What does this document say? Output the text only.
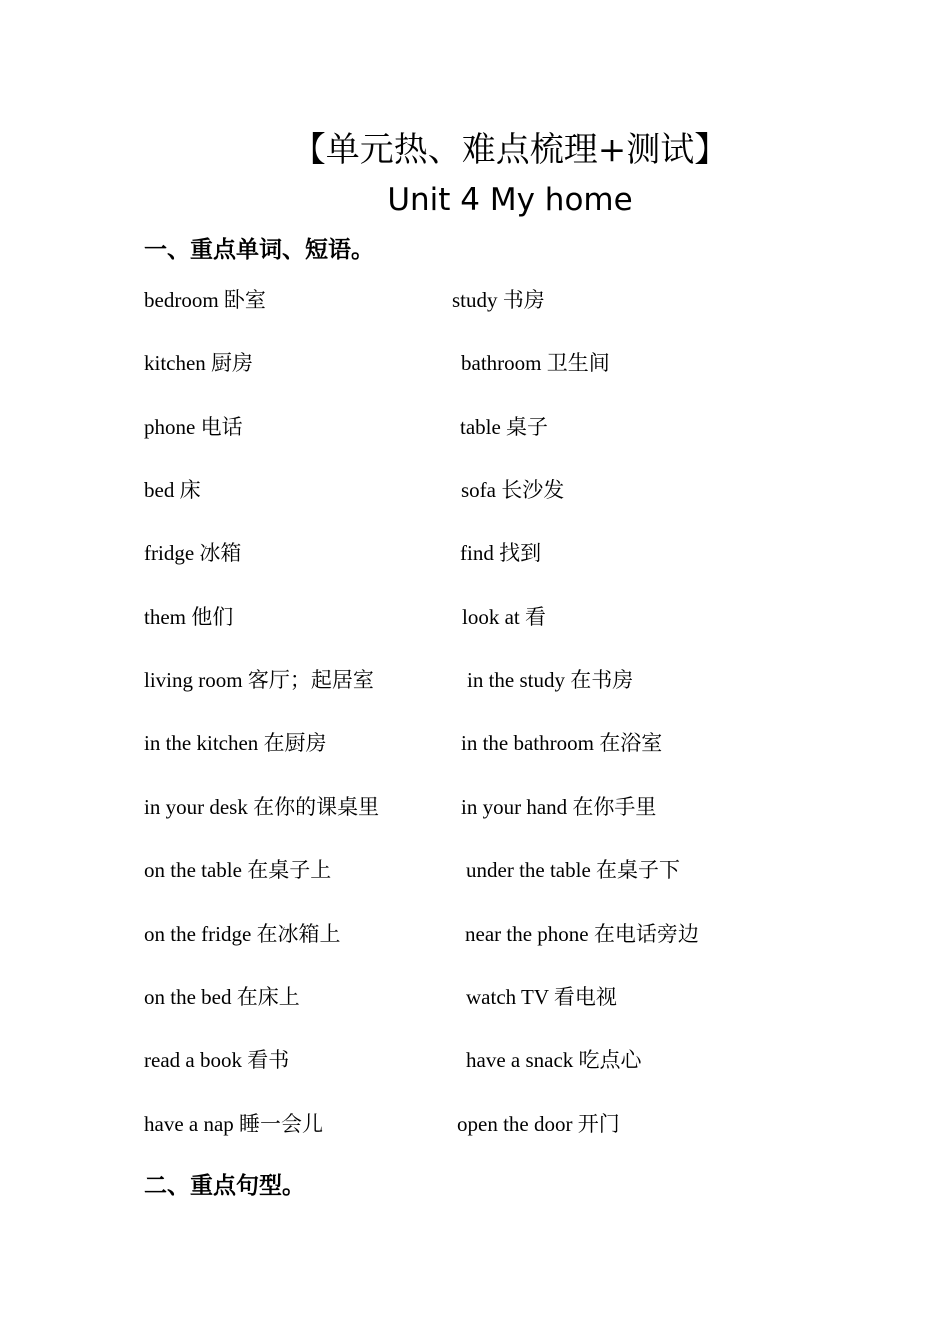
【单元热、难点梳理+测试】
Unit 4 My home
一、重点单词、短语。
bedroom 卧室	study 书房
kitchen 厨房	bathroom 卫生间
phone 电话	table 桌子
bed 床	sofa 长沙发
fridge 冰箱	find 找到
them 他们	look at 看
living room 客厅；起居室	in the study 在书房
in the kitchen 在厨房	in the bathroom 在浴室
in your desk 在你的课桌里	in your hand 在你手里
on the table 在桌子上	under the table 在桌子下
on the fridge 在冰箱上	near the phone 在电话旁边
on the bed 在床上	watch TV 看电视
read a book 看书	have a snack 吃点心
have a nap 睡一会儿	open the door 开门
二、重点句型。
